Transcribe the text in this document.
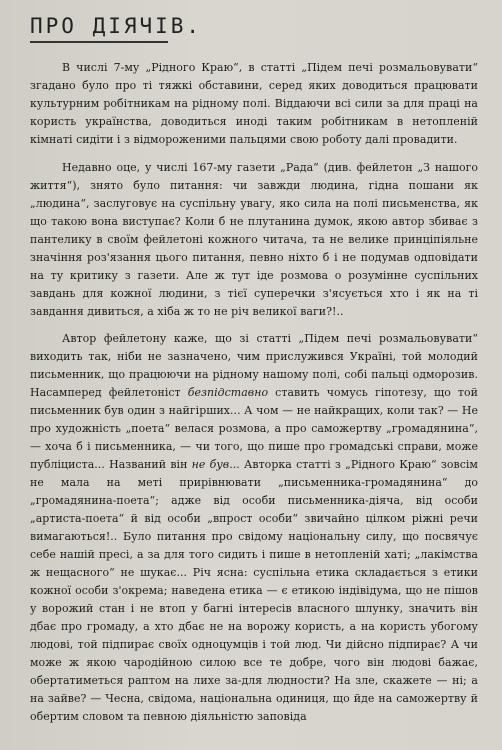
ПРО ДІЯЧІВ.

В числі 7-му „Рідного Краю“, в статті „Підем печі розмальовувати“ згадано було про ті тяжкі обставини, серед яких доводиться працювати культурним робітникам на рідному полі. Віддаючи всі сили за для праці на користь українства, доводиться иноді таким робітникам в нетопленій кімнаті сидіти і з відмороженими пальцями свою роботу далі провадити.

Недавно оце, у числі 167-му газети „Рада“ (див. фейлетон „З нашого життя“), знято було питання: чи завжди людина, гідна пошани як „людина“, заслуговує на суспільну увагу, яко сила на полі письменства, як що такою вона виступає? Коли б не плутанина думок, якою автор збиває з пантелику в своїм фейлетоні кожного читача, та не велике принціпіяльне значіння роз'язання цього питання, певно ніхто б і не подумав одповідати на ту критику з газети. Але ж тут іде розмова о розумінне суспільних завдань для кожної людини, з тієї суперечки з'ясується хто і як на ті завдання дивиться, а хіба ж то не річ великої ваги?!..

Автор фейлетону каже, що зі статті „Підем печі розмальовувати“ виходить так, ніби не зазначено, чим прислужився Україні, той молодий письменник, що працюючи на рідному нашому полі, собі пальці одморозив. Насамперед фейлетоніст безпідставно ставить чомусь гіпотезу, що той письменник був один з найгірших... А чом — не найкращих, коли так? — Не про художність „поета“ велася розмова, а про саможертву „громадянина“, — хоча б і письменника, — чи того, що пише про громадські справи, може публіциста... Названий він не був... Авторка статті з „Рідного Краю“ зовсім не мала на меті прирівнювати „письменника-громадянина“ до „громадянина-поета“; адже від особи письменника-діяча, від особи „артиста-поета“ й від особи „впрост особи“ звичайно цілком ріжні речи вимагаються!.. Було питання про свідому національну силу, що посвячує себе нашій пресі, а за для того сидить і пише в нетопленій хаті; „лакімства ж нещасного“ не шукає... Річ ясна: суспільна етика складається з етики кожної особи з'окрема; наведена етика — є етикою індівідума, що не пішов у ворожий стан і не втоп у багні інтересів власного шлунку, значить він дбає про громаду, а хто дбає не на ворожу користь, а на користь убогому людові, той підпирає своїх одноцумців і той люд. Чи дійсно підпирає? А чи може ж якою чародійною силою все те добре, чого він людові бажає, обертатиметься раптом на лихе за-для людности? На зле, скажете — ні; а на зайве? — Чесна, свідома, національна одиниця, що йде на саможертву й обертим словом та певною діяльністю заповіда
